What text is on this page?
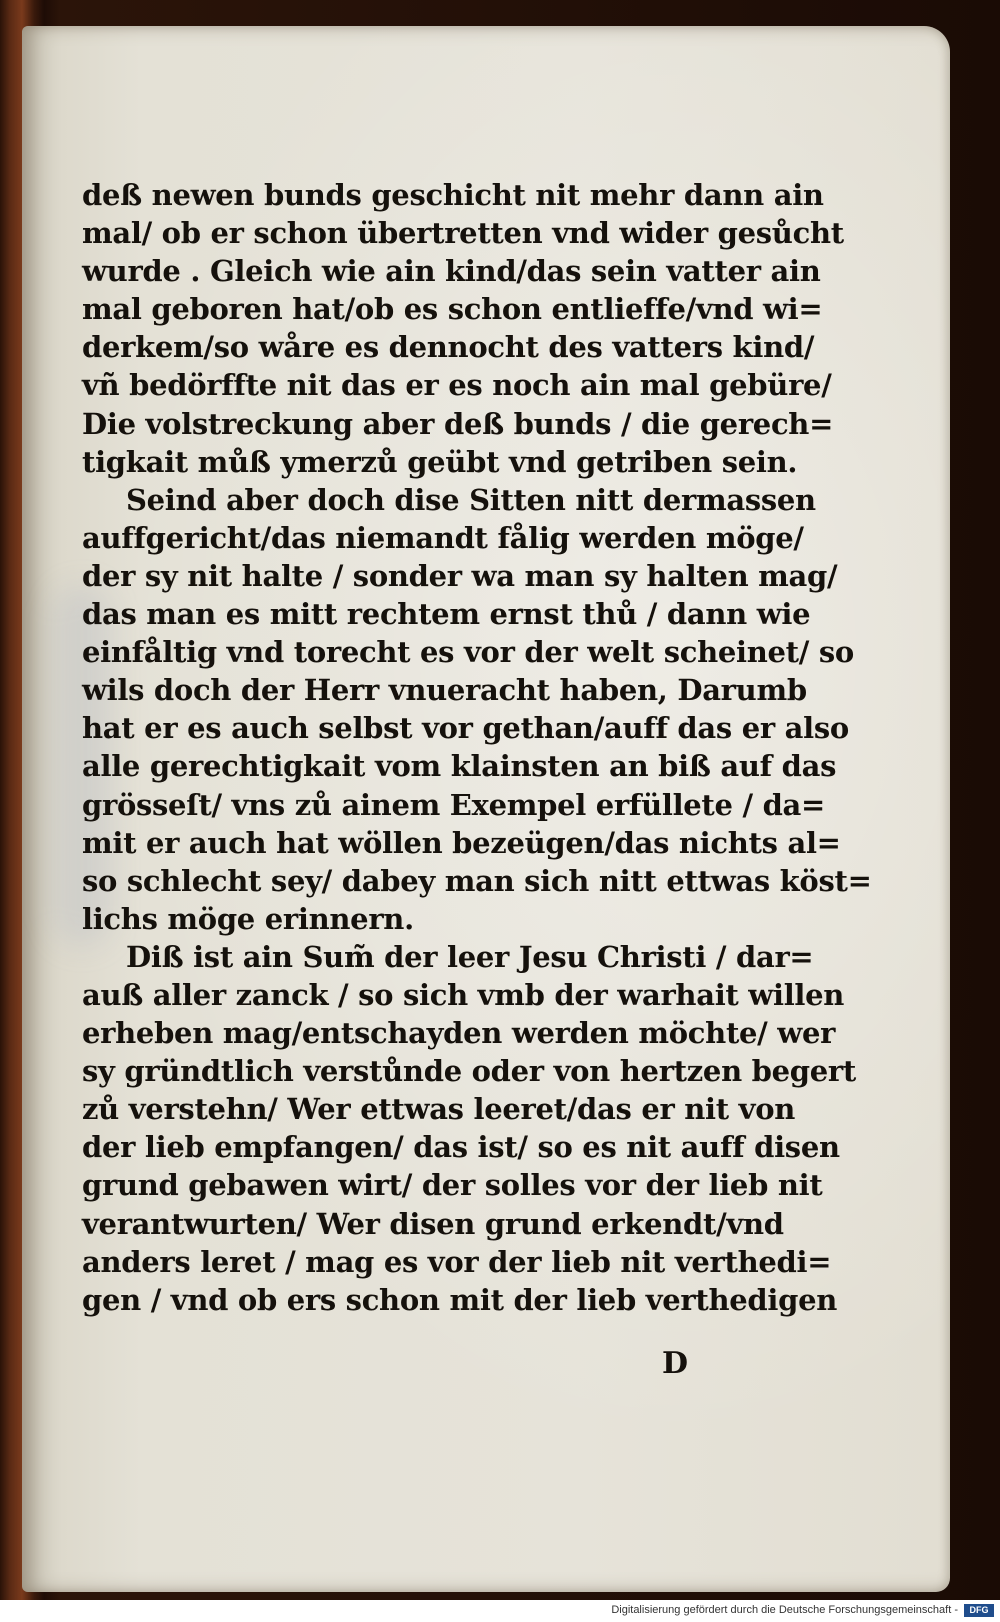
deß newen bunds geschicht nit mehr dann ain
mal/ ob er schon übertretten vnd wider gesůcht
wurde . Gleich wie ain kind/das sein vatter ain
mal geboren hat/ob es schon entlieffe/vnd wi=
derkem/so wåre es dennocht des vatters kind/
vñ bedörffte nit das er es noch ain mal gebüre/
Die volstreckung aber deß bunds / die gerech=
tigkait můß ymerzů geübt vnd getriben sein.
Seind aber doch dise Sitten nitt dermassen
auffgericht/das niemandt fålig werden möge/
der sy nit halte / sonder wa man sy halten mag/
das man es mitt rechtem ernst thů / dann wie
einfåltig vnd torecht es vor der welt scheinet/ so
wils doch der Herr vnueracht haben, Darumb
hat er es auch selbst vor gethan/auff das er also
alle gerechtigkait vom klainsten an biß auf das
grösseſt/ vns zů ainem Exempel erfüllete / da=
mit er auch hat wöllen bezeügen/das nichts al=
so schlecht sey/ dabey man sich nitt ettwas köst=
lichs möge erinnern.
Diß ist ain Sum̃ der leer Jesu Christi / dar=
auß aller zanck / so sich vmb der warhait willen
erheben mag/entschayden werden möchte/ wer
sy gründtlich verstůnde oder von hertzen begert
zů verstehn/ Wer ettwas leeret/das er nit von
der lieb empfangen/ das ist/ so es nit auff disen
grund gebawen wirt/ der solles vor der lieb nit
verantwurten/ Wer disen grund erkendt/vnd
anders leret / mag es vor der lieb nit verthedi=
gen / vnd ob ers schon mit der lieb verthedigen
D
Digitalisierung gefördert durch die Deutsche Forschungsgemeinschaft -	DFG
